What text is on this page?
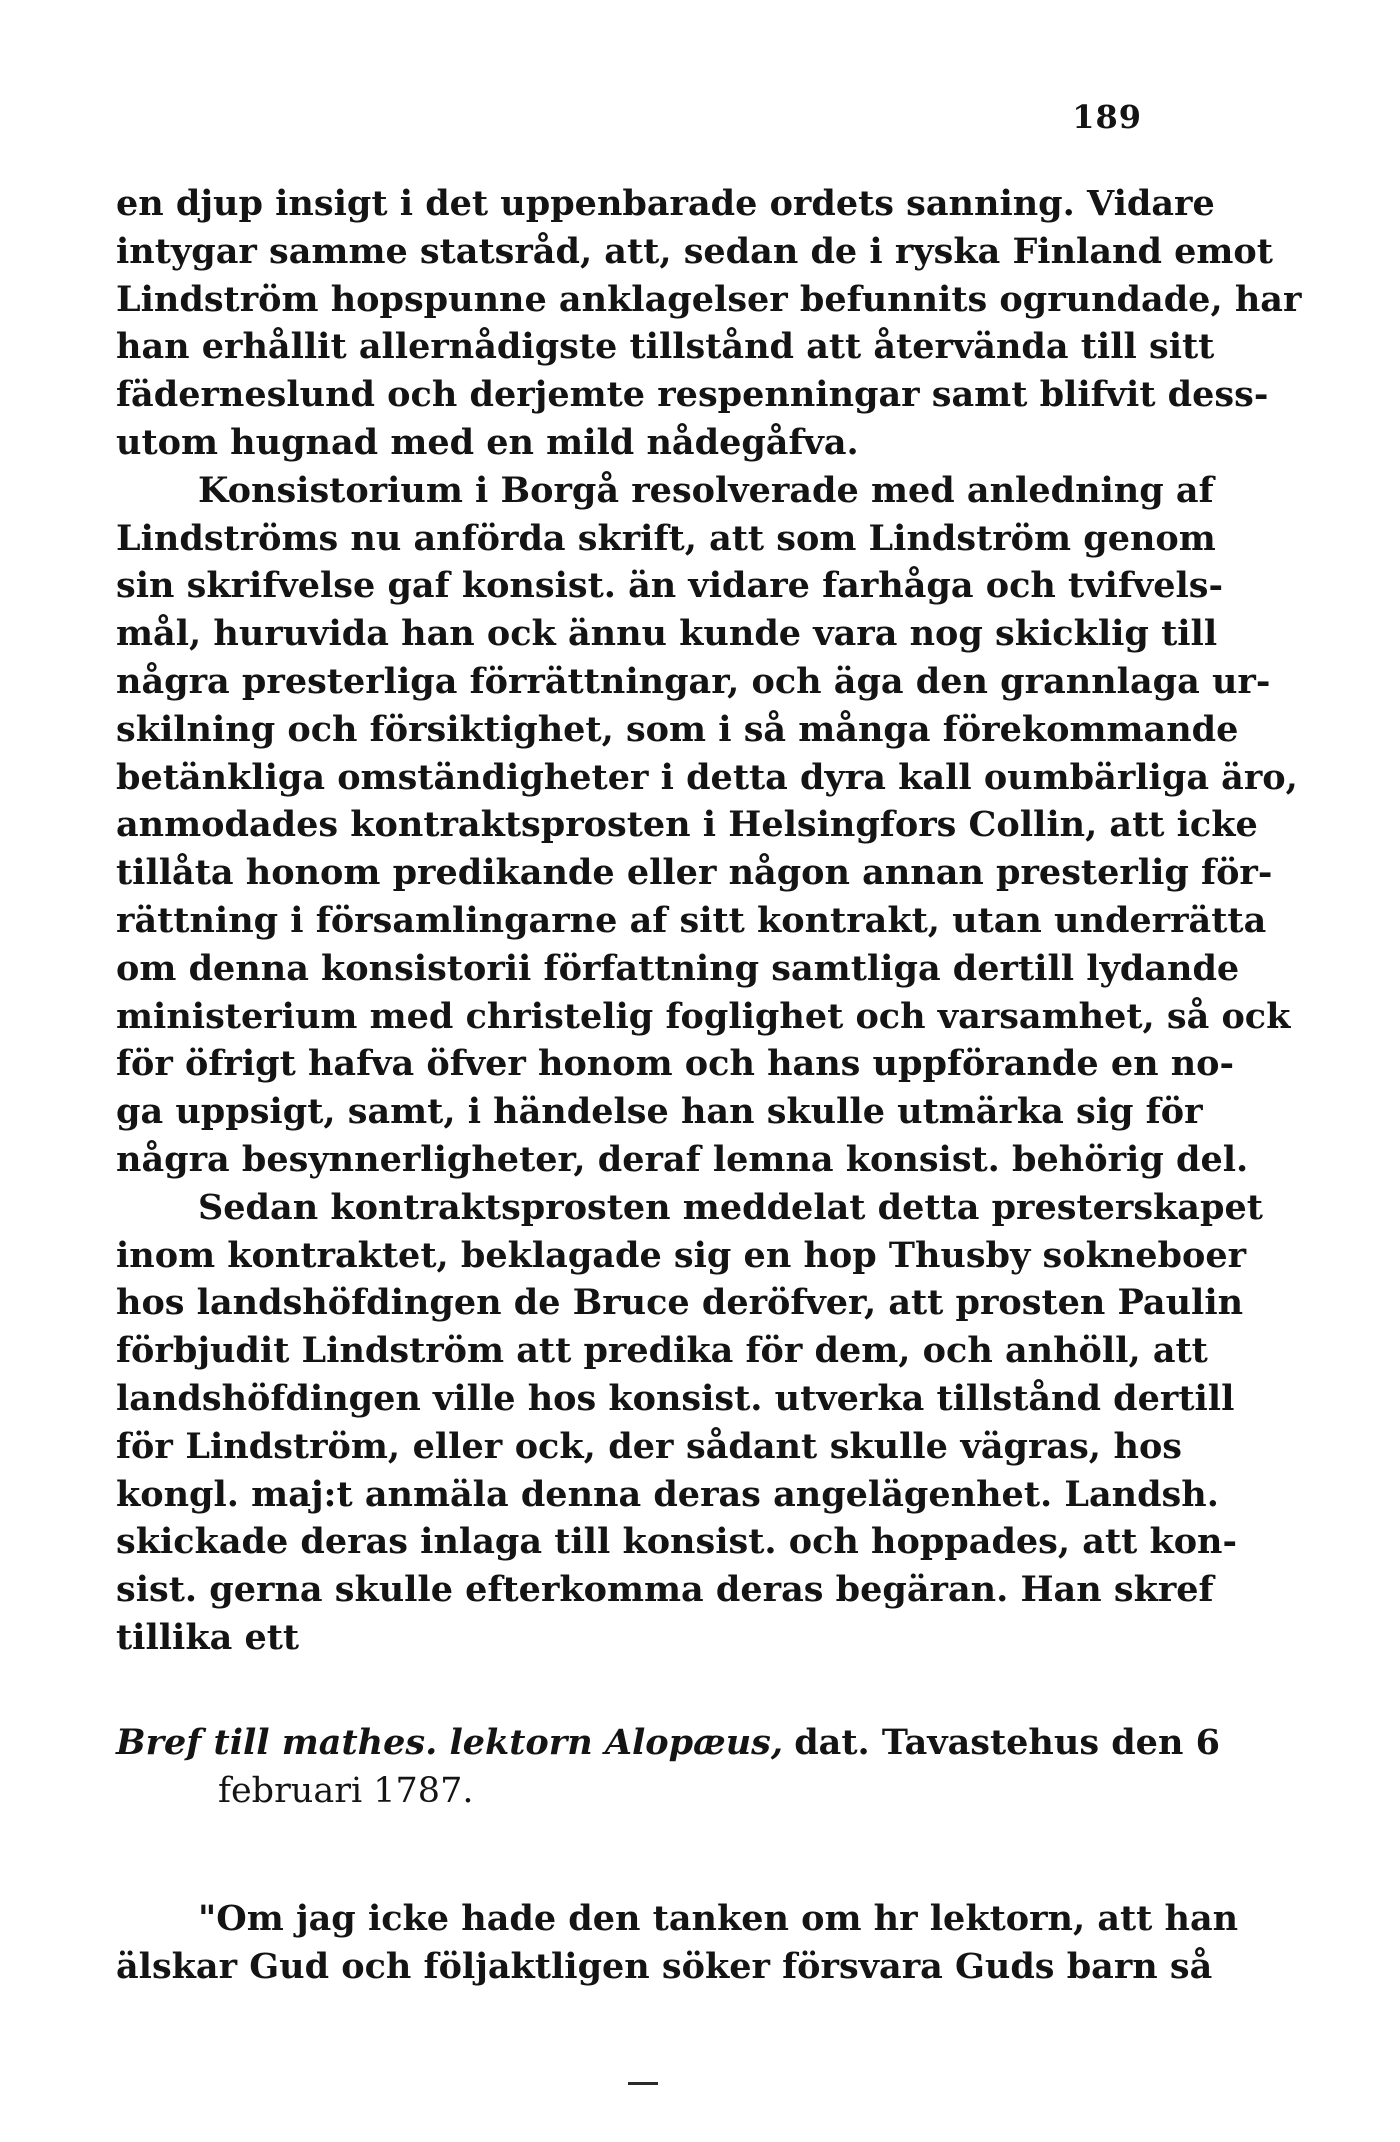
189
en djup insigt i det uppenbarade ordets sanning. Vidare
intygar samme statsråd, att, sedan de i ryska Finland emot
Lindström hopspunne anklagelser befunnits ogrundade, har
han erhållit allernådigste tillstånd att återvända till sitt
fäderneslund och derjemte respenningar samt blifvit dess-
utom hugnad med en mild nådegåfva.
Konsistorium i Borgå resolverade med anledning af
Lindströms nu anförda skrift, att som Lindström genom
sin skrifvelse gaf konsist. än vidare farhåga och tvifvels-
mål, huruvida han ock ännu kunde vara nog skicklig till
några presterliga förrättningar, och äga den grannlaga ur-
skilning och försiktighet, som i så många förekommande
betänkliga omständigheter i detta dyra kall oumbärliga äro,
anmodades kontraktsprosten i Helsingfors Collin, att icke
tillåta honom predikande eller någon annan presterlig för-
rättning i församlingarne af sitt kontrakt, utan underrätta
om denna konsistorii författning samtliga dertill lydande
ministerium med christelig foglighet och varsamhet, så ock
för öfrigt hafva öfver honom och hans uppförande en no-
ga uppsigt, samt, i händelse han skulle utmärka sig för
några besynnerligheter, deraf lemna konsist. behörig del.
Sedan kontraktsprosten meddelat detta presterskapet
inom kontraktet, beklagade sig en hop Thusby sokneboer
hos landshöfdingen de Bruce deröfver, att prosten Paulin
förbjudit Lindström att predika för dem, och anhöll, att
landshöfdingen ville hos konsist. utverka tillstånd dertill
för Lindström, eller ock, der sådant skulle vägras, hos
kongl. maj:t anmäla denna deras angelägenhet. Landsh.
skickade deras inlaga till konsist. och hoppades, att kon-
sist. gerna skulle efterkomma deras begäran. Han skref
tillika ett
Bref till mathes. lektorn Alopæus, dat. Tavastehus den 6
februari 1787.
"Om jag icke hade den tanken om hr lektorn, att han
älskar Gud och följaktligen söker försvara Guds barn så
